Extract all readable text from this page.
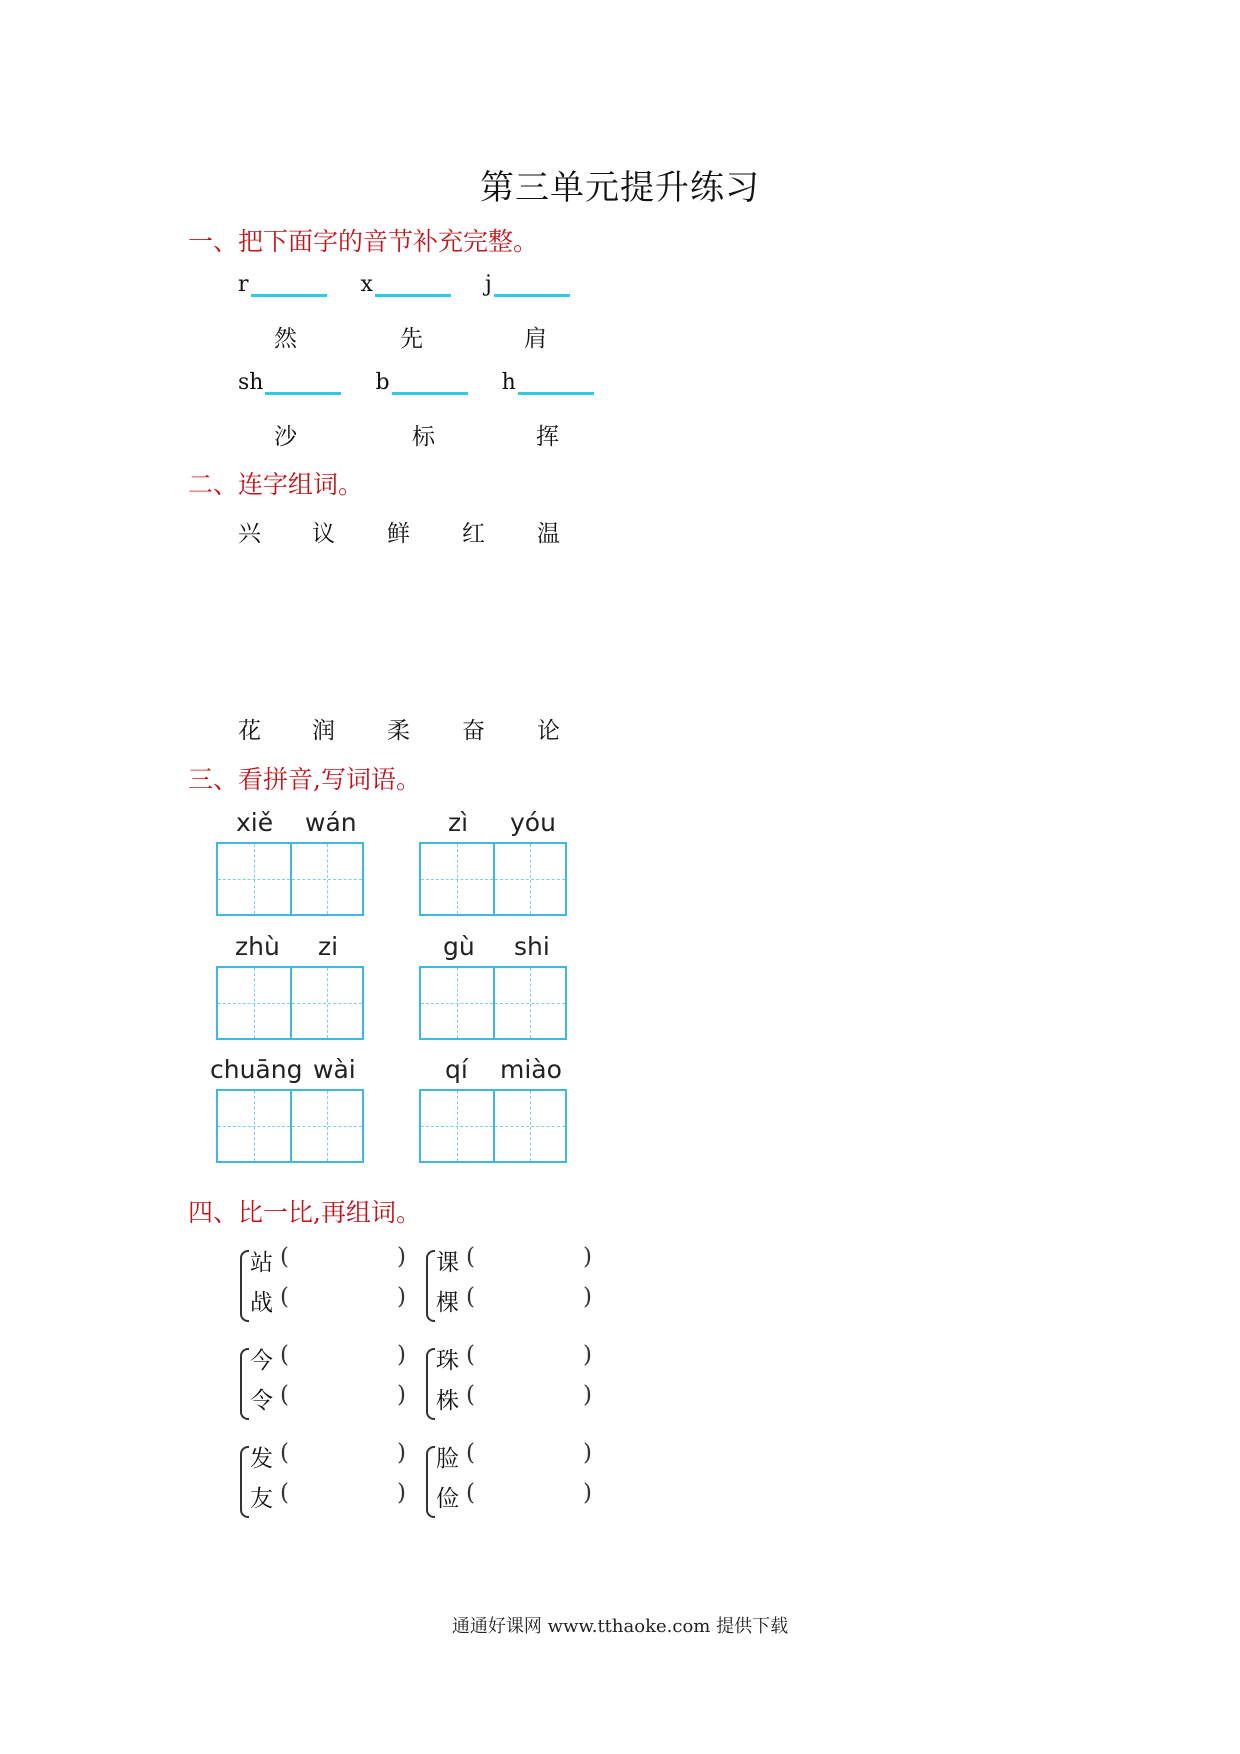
第三单元提升练习
一、把下面字的音节补充完整。
r	x	j
然	先	肩
sh	b	h
沙	标	挥
二、连字组词。
兴 议 鲜 红 温
花 润 柔 奋 论
三、看拼音,写词语。
xiě wán	zì yóu
zhù zi	gù shi
chuāng wài	qí miào
四、比一比,再组词。
站 (	)
战 (	)
课 (	)
棵 (	)
今 (	)
令 (	)
珠 (	)
株 (	)
发 (	)
友 (	)
脸 (	)
俭 (	)
通通好课网 www.tthaoke.com 提供下载
